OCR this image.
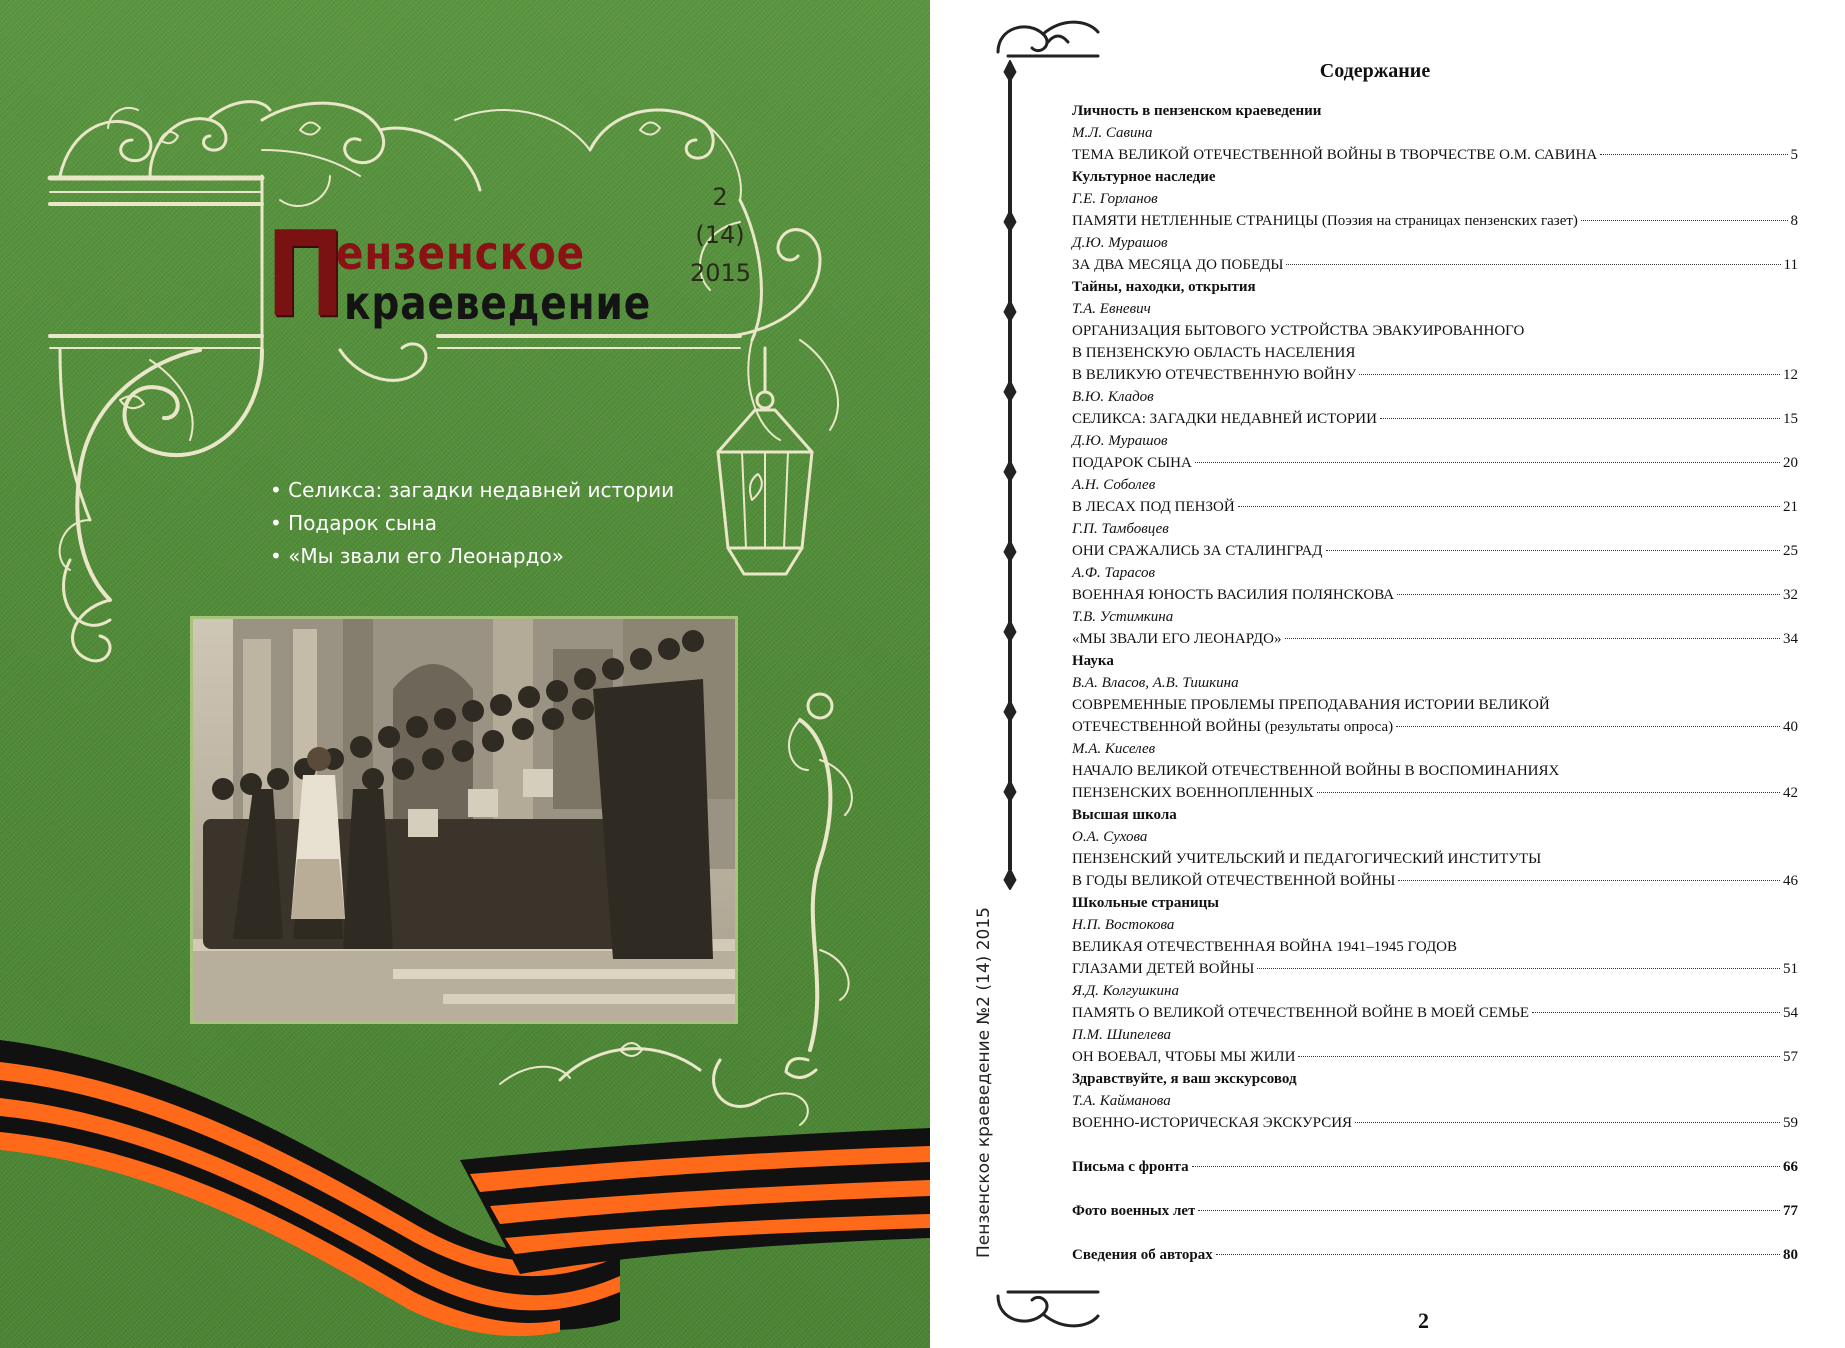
2 (14)
2015
П
ензенское
краеведение
• Селикса: загадки недавней истории
• Подарок сына
• «Мы звали его Леонардо»
Пензенское краеведение №2 (14) 2015
Содержание
Личность в пензенском краеведении
М.Л. Савина
ТЕМА ВЕЛИКОЙ ОТЕЧЕСТВЕННОЙ ВОЙНЫ В ТВОРЧЕСТВЕ О.М. САВИНА	5
Культурное наследие
Г.Е. Горланов
ПАМЯТИ НЕТЛЕННЫЕ СТРАНИЦЫ (Поэзия на страницах пензенских газет)	8
Д.Ю. Мурашов
ЗА ДВА МЕСЯЦА ДО ПОБЕДЫ	11
Тайны, находки, открытия
Т.А. Евневич
ОРГАНИЗАЦИЯ БЫТОВОГО УСТРОЙСТВА ЭВАКУИРОВАННОГО
В ПЕНЗЕНСКУЮ ОБЛАСТЬ НАСЕЛЕНИЯ
В ВЕЛИКУЮ ОТЕЧЕСТВЕННУЮ ВОЙНУ	12
В.Ю. Кладов
СЕЛИКСА: ЗАГАДКИ НЕДАВНЕЙ ИСТОРИИ	15
Д.Ю. Мурашов
ПОДАРОК СЫНА	20
А.Н. Соболев
В ЛЕСАХ ПОД ПЕНЗОЙ	21
Г.П. Тамбовцев
ОНИ СРАЖАЛИСЬ ЗА СТАЛИНГРАД	25
А.Ф. Тарасов
ВОЕННАЯ ЮНОСТЬ ВАСИЛИЯ ПОЛЯНСКОВА	32
Т.В. Устимкина
«МЫ ЗВАЛИ ЕГО ЛЕОНАРДО»	34
Наука
В.А. Власов, А.В. Тишкина
СОВРЕМЕННЫЕ ПРОБЛЕМЫ ПРЕПОДАВАНИЯ ИСТОРИИ ВЕЛИКОЙ
ОТЕЧЕСТВЕННОЙ ВОЙНЫ (результаты опроса)	40
М.А. Киселев
НАЧАЛО ВЕЛИКОЙ ОТЕЧЕСТВЕННОЙ ВОЙНЫ В ВОСПОМИНАНИЯХ
ПЕНЗЕНСКИХ ВОЕННОПЛЕННЫХ	42
Высшая школа
О.А. Сухова
ПЕНЗЕНСКИЙ УЧИТЕЛЬСКИЙ И ПЕДАГОГИЧЕСКИЙ ИНСТИТУТЫ
В ГОДЫ ВЕЛИКОЙ ОТЕЧЕСТВЕННОЙ ВОЙНЫ	46
Школьные страницы
Н.П. Востокова
ВЕЛИКАЯ ОТЕЧЕСТВЕННАЯ ВОЙНА 1941–1945 ГОДОВ
ГЛАЗАМИ ДЕТЕЙ ВОЙНЫ	51
Я.Д. Колгушкина
ПАМЯТЬ О ВЕЛИКОЙ ОТЕЧЕСТВЕННОЙ ВОЙНЕ В МОЕЙ СЕМЬЕ	54
П.М. Шипелева
ОН ВОЕВАЛ, ЧТОБЫ МЫ ЖИЛИ	57
Здравствуйте, я ваш экскурсовод
Т.А. Кайманова
ВОЕННО-ИСТОРИЧЕСКАЯ ЭКСКУРСИЯ	59
Письма с фронта	66
Фото военных лет	77
Сведения об авторах	80
2
